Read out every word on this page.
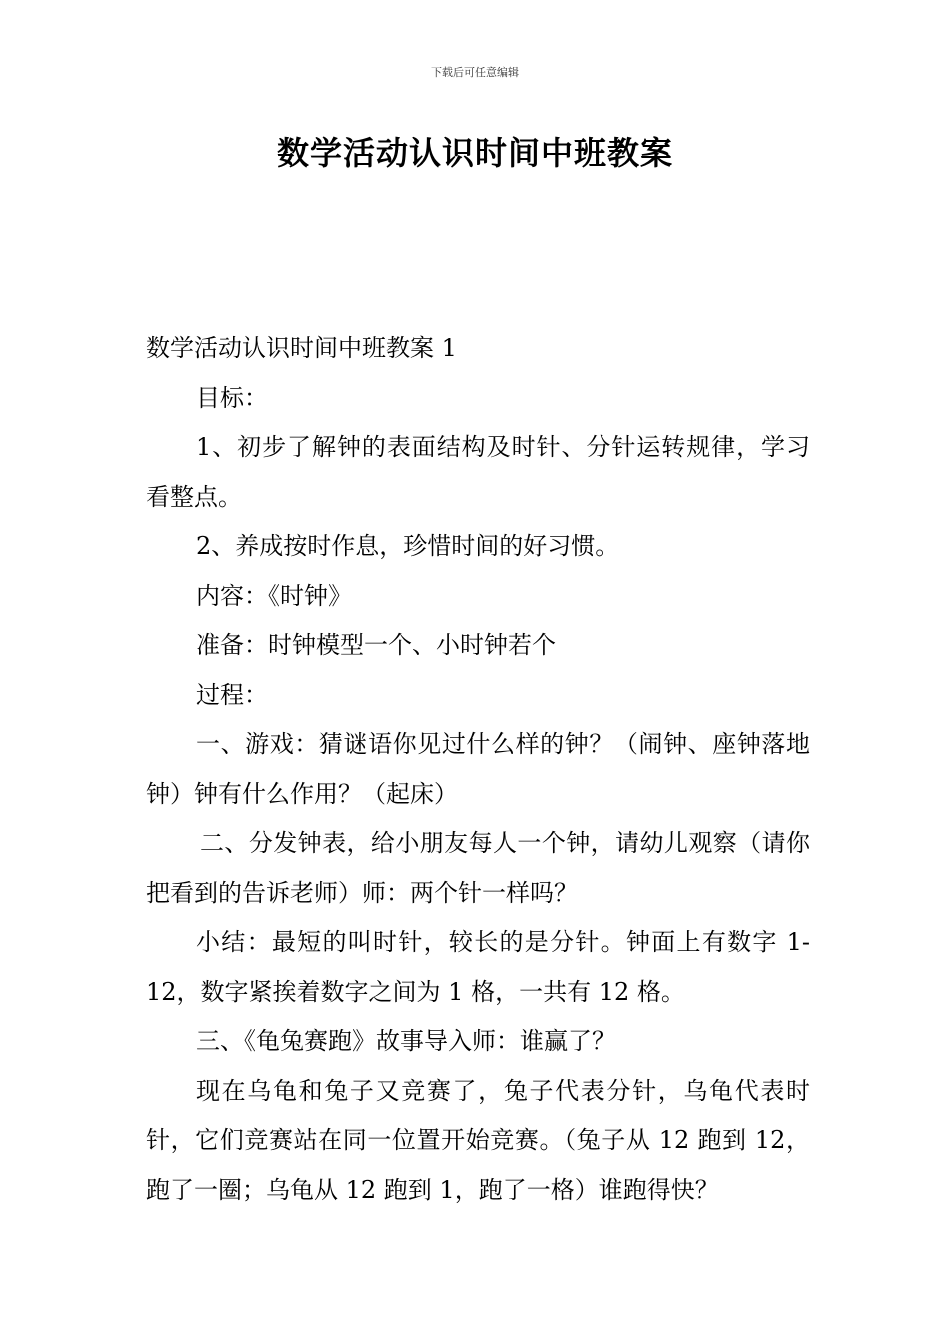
下载后可任意编辑
数学活动认识时间中班教案

数学活动认识时间中班教案 1

目标：

1、初步了解钟的表面结构及时针、分针运转规律，学习看整点。

2、养成按时作息，珍惜时间的好习惯。

内容：《时钟》

准备：时钟模型一个、小时钟若个

过程：

一、游戏：猜谜语你见过什么样的钟？（闹钟、座钟落地钟）钟有什么作用？（起床）

二、分发钟表，给小朋友每人一个钟，请幼儿观察（请你把看到的告诉老师）师：两个针一样吗？

小结：最短的叫时针，较长的是分针。钟面上有数字 1-12，数字紧挨着数字之间为 1 格，一共有 12 格。

三、《龟兔赛跑》故事导入师：谁赢了？

现在乌龟和兔子又竞赛了，兔子代表分针，乌龟代表时针，它们竞赛站在同一位置开始竞赛。（兔子从 12 跑到 12，跑了一圈；乌龟从 12 跑到 1，跑了一格）谁跑得快？
